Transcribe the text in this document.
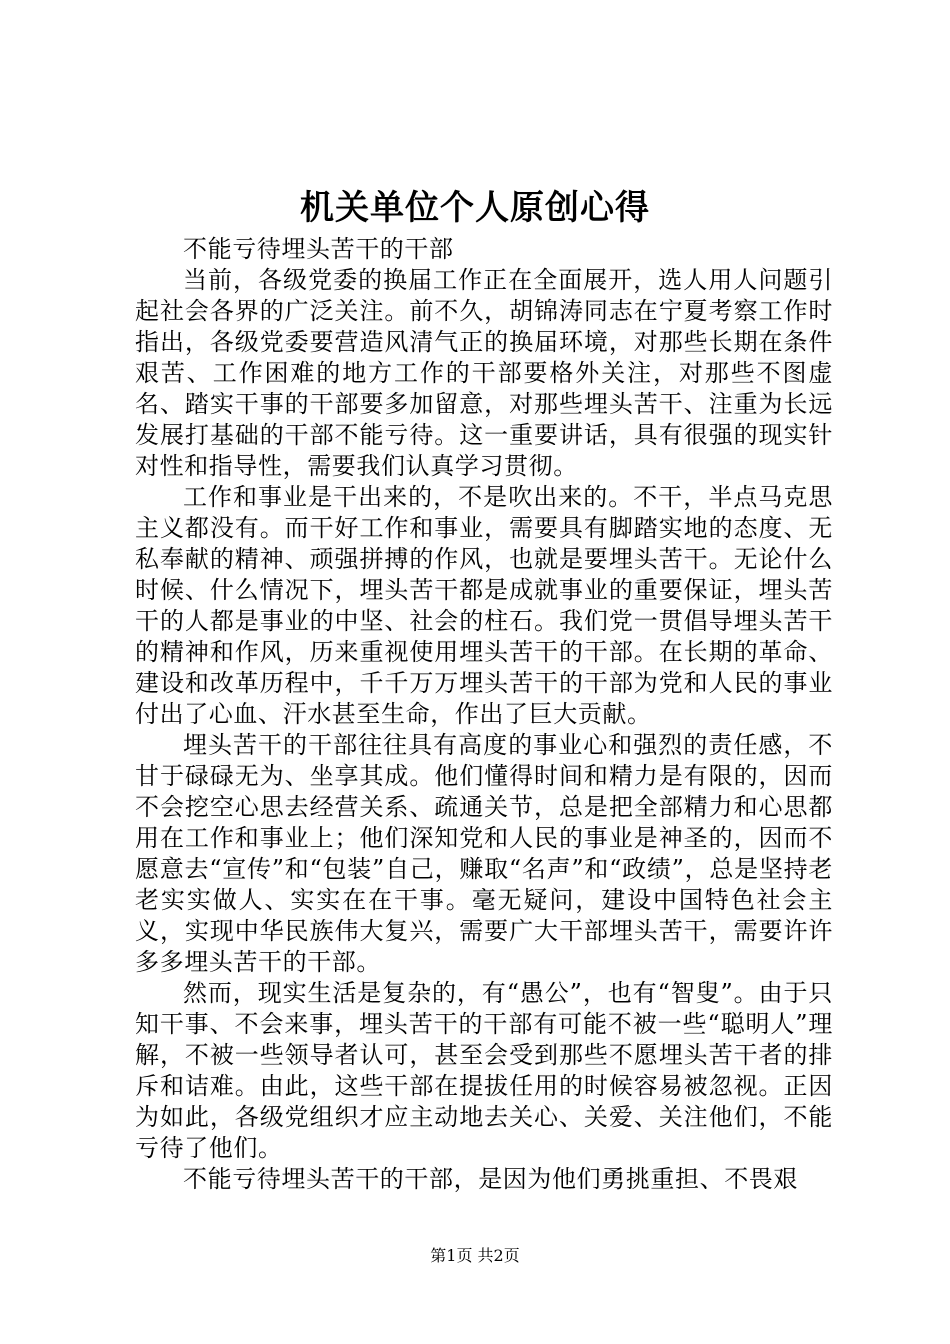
机关单位个人原创心得

不能亏待埋头苦干的干部

当前，各级党委的换届工作正在全面展开，选人用人问题引起社会各界的广泛关注。前不久，胡锦涛同志在宁夏考察工作时指出，各级党委要营造风清气正的换届环境，对那些长期在条件艰苦、工作困难的地方工作的干部要格外关注，对那些不图虚名、踏实干事的干部要多加留意，对那些埋头苦干、注重为长远发展打基础的干部不能亏待。这一重要讲话，具有很强的现实针对性和指导性，需要我们认真学习贯彻。

工作和事业是干出来的，不是吹出来的。不干，半点马克思主义都没有。而干好工作和事业，需要具有脚踏实地的态度、无私奉献的精神、顽强拼搏的作风，也就是要埋头苦干。无论什么时候、什么情况下，埋头苦干都是成就事业的重要保证，埋头苦干的人都是事业的中坚、社会的柱石。我们党一贯倡导埋头苦干的精神和作风，历来重视使用埋头苦干的干部。在长期的革命、建设和改革历程中，千千万万埋头苦干的干部为党和人民的事业付出了心血、汗水甚至生命，作出了巨大贡献。

埋头苦干的干部往往具有高度的事业心和强烈的责任感，不甘于碌碌无为、坐享其成。他们懂得时间和精力是有限的，因而不会挖空心思去经营关系、疏通关节，总是把全部精力和心思都用在工作和事业上；他们深知党和人民的事业是神圣的，因而不愿意去“宣传”和“包装”自己，赚取“名声”和“政绩”，总是坚持老老实实做人、实实在在干事。毫无疑问，建设中国特色社会主义，实现中华民族伟大复兴，需要广大干部埋头苦干，需要许许多多埋头苦干的干部。

然而，现实生活是复杂的，有“愚公”，也有“智叟”。由于只知干事、不会来事，埋头苦干的干部有可能不被一些“聪明人”理解，不被一些领导者认可，甚至会受到那些不愿埋头苦干者的排斥和诘难。由此，这些干部在提拔任用的时候容易被忽视。正因为如此，各级党组织才应主动地去关心、关爱、关注他们，不能亏待了他们。

不能亏待埋头苦干的干部，是因为他们勇挑重担、不畏艰

第1页 共2页
